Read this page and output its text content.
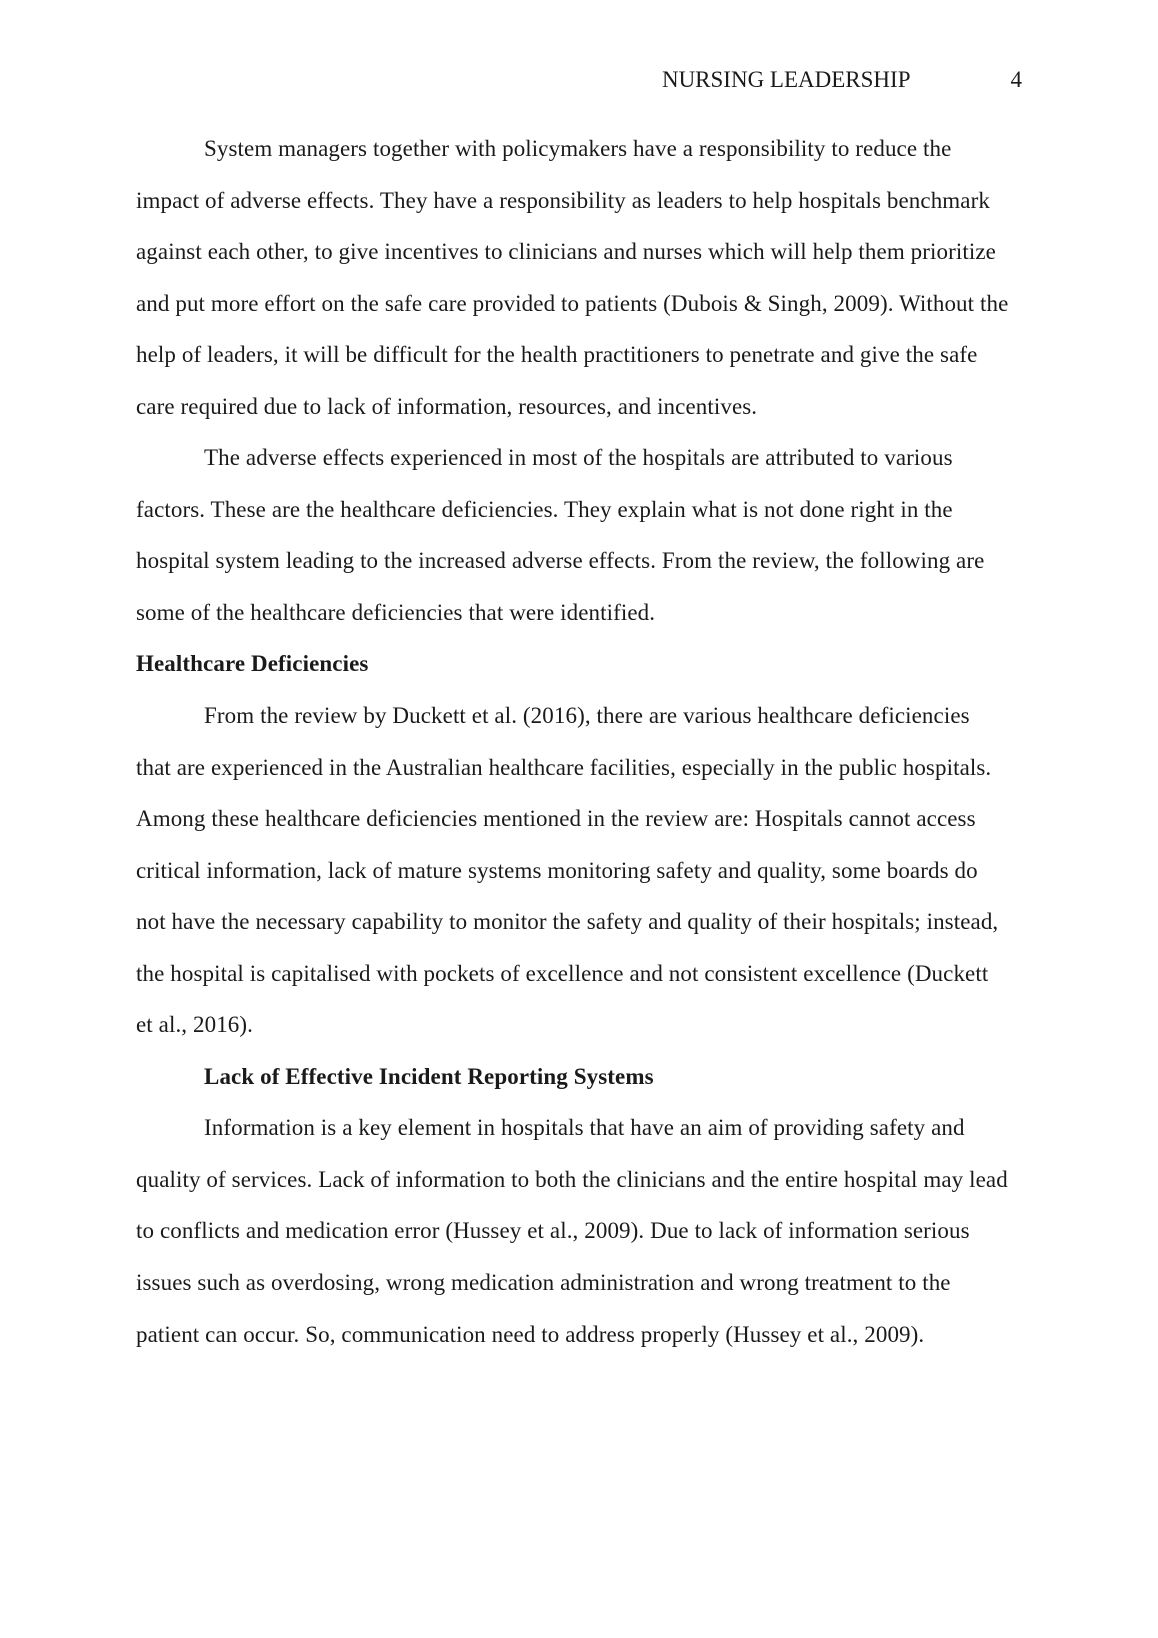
NURSING LEADERSHIP	4
System managers together with policymakers have a responsibility to reduce the
impact of adverse effects. They have a responsibility as leaders to help hospitals benchmark
against each other, to give incentives to clinicians and nurses which will help them prioritize
and put more effort on the safe care provided to patients (Dubois & Singh, 2009). Without the
help of leaders, it will be difficult for the health practitioners to penetrate and give the safe
care required due to lack of information, resources, and incentives.
The adverse effects experienced in most of the hospitals are attributed to various
factors. These are the healthcare deficiencies. They explain what is not done right in the
hospital system leading to the increased adverse effects. From the review, the following are
some of the healthcare deficiencies that were identified.
Healthcare Deficiencies
From the review by Duckett et al. (2016), there are various healthcare deficiencies
that are experienced in the Australian healthcare facilities, especially in the public hospitals.
Among these healthcare deficiencies mentioned in the review are: Hospitals cannot access
critical information, lack of mature systems monitoring safety and quality, some boards do
not have the necessary capability to monitor the safety and quality of their hospitals; instead,
the hospital is capitalised with pockets of excellence and not consistent excellence (Duckett
et al., 2016).
Lack of Effective Incident Reporting Systems
Information is a key element in hospitals that have an aim of providing safety and
quality of services. Lack of information to both the clinicians and the entire hospital may lead
to conflicts and medication error (Hussey et al., 2009). Due to lack of information serious
issues such as overdosing, wrong medication administration and wrong treatment to the
patient can occur. So, communication need to address properly (Hussey et al., 2009).
